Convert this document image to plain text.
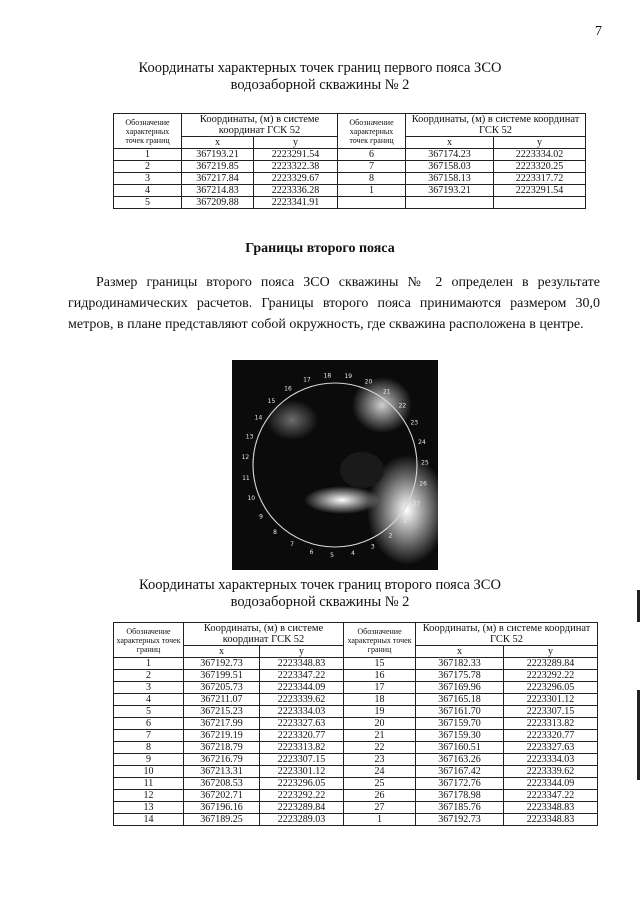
7
Координаты характерных точек границ первого пояса ЗСО
водозаборной скважины № 2
Обозначение характерных точек границ	Координаты, (м) в системе координат ГСК 52		Обозначение характерных точек границ	Координаты, (м) в системе координат ГСК 52	
	х	у		х	у
1	367193.21	2223291.54	6	367174.23	2223334.02
2	367219.85	2223322.38	7	367158.03	2223320.25
3	367217.84	2223329.67	8	367158.13	2223317.72
4	367214.83	2223336.28	1	367193.21	2223291.54
5	367209.88	2223341.91			
Границы второго пояса
Размер границы второго пояса ЗСО скважины № 2 определен в результате гидродинамических расчетов. Границы второго пояса принимаются размером 30,0 метров, в плане представляют собой окружность, где скважина расположена в центре.
16
17
18 19
20
21
22
23
24
25
26
27
1
2
3
4
5
6
7
8
9
10
11
12
13
14
15
Координаты характерных точек границ второго пояса ЗСО
водозаборной скважины № 2
Обозначение характерных точек границ	Координаты, (м) в системе координат ГСК 52		Обозначение характерных точек границ	Координаты, (м) в системе координат ГСК 52	
	х	у		х	у
1	367192.73	2223348.83	15	367182.33	2223289.84
2	367199.51	2223347.22	16	367175.78	2223292.22
3	367205.73	2223344.09	17	367169.96	2223296.05
4	367211.07	2223339.62	18	367165.18	2223301.12
5	367215.23	2223334.03	19	367161.70	2223307.15
6	367217.99	2223327.63	20	367159.70	2223313.82
7	367219.19	2223320.77	21	367159.30	2223320.77
8	367218.79	2223313.82	22	367160.51	2223327.63
9	367216.79	2223307.15	23	367163.26	2223334.03
10	367213.31	2223301.12	24	367167.42	2223339.62
11	367208.53	2223296.05	25	367172.76	2223344.09
12	367202.71	2223292.22	26	367178.98	2223347.22
13	367196.16	2223289.84	27	367185.76	2223348.83
14	367189.25	2223289.03	1	367192.73	2223348.83
